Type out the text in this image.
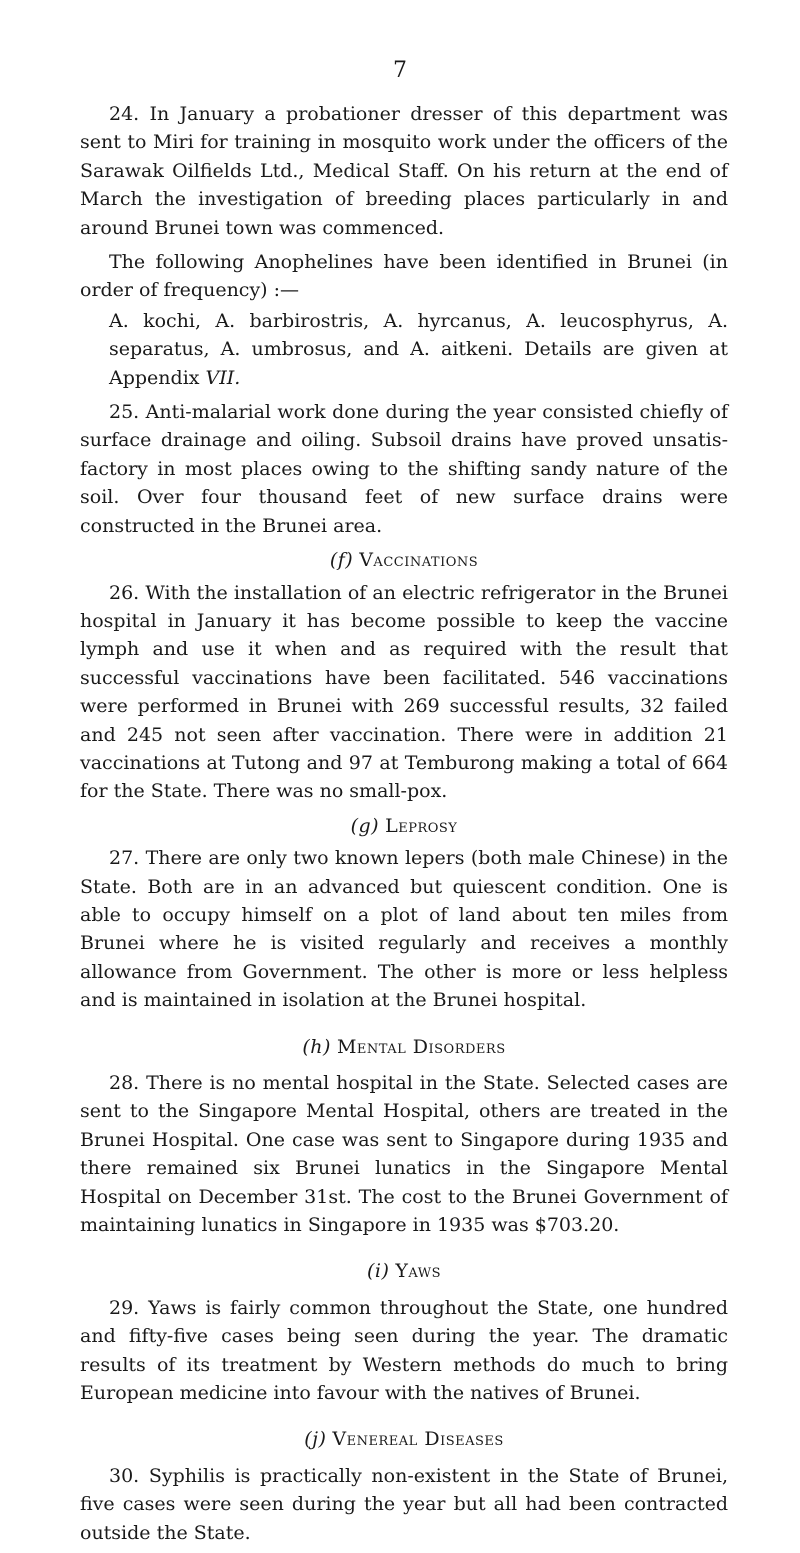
7

24. In January a probationer dresser of this department was sent to Miri for training in mosquito work under the officers of the Sarawak Oilfields Ltd., Medical Staff. On his return at the end of March the investigation of breeding places particularly in and around Brunei town was commenced.

The following Anophelines have been identified in Brunei (in order of frequency) :—

A. kochi, A. barbirostris, A. hyrcanus, A. leucosphyrus, A. separatus, A. umbrosus, and A. aitkeni. Details are given at Appendix VII.

25. Anti-malarial work done during the year consisted chiefly of surface drainage and oiling. Subsoil drains have proved unsatisfactory in most places owing to the shifting sandy nature of the soil. Over four thousand feet of new surface drains were constructed in the Brunei area.

(f) Vaccinations

26. With the installation of an electric refrigerator in the Brunei hospital in January it has become possible to keep the vaccine lymph and use it when and as required with the result that successful vaccinations have been facilitated. 546 vaccinations were performed in Brunei with 269 successful results, 32 failed and 245 not seen after vaccination. There were in addition 21 vaccinations at Tutong and 97 at Temburong making a total of 664 for the State. There was no small-pox.

(g) Leprosy

27. There are only two known lepers (both male Chinese) in the State. Both are in an advanced but quiescent condition. One is able to occupy himself on a plot of land about ten miles from Brunei where he is visited regularly and receives a monthly allowance from Government. The other is more or less helpless and is maintained in isolation at the Brunei hospital.

(h) Mental Disorders

28. There is no mental hospital in the State. Selected cases are sent to the Singapore Mental Hospital, others are treated in the Brunei Hospital. One case was sent to Singapore during 1935 and there remained six Brunei lunatics in the Singapore Mental Hospital on December 31st. The cost to the Brunei Government of maintaining lunatics in Singapore in 1935 was $703.20.

(i) Yaws

29. Yaws is fairly common throughout the State, one hundred and fifty-five cases being seen during the year. The dramatic results of its treatment by Western methods do much to bring European medicine into favour with the natives of Brunei.

(j) Venereal Diseases

30. Syphilis is practically non-existent in the State of Brunei, five cases were seen during the year but all had been contracted outside the State.
